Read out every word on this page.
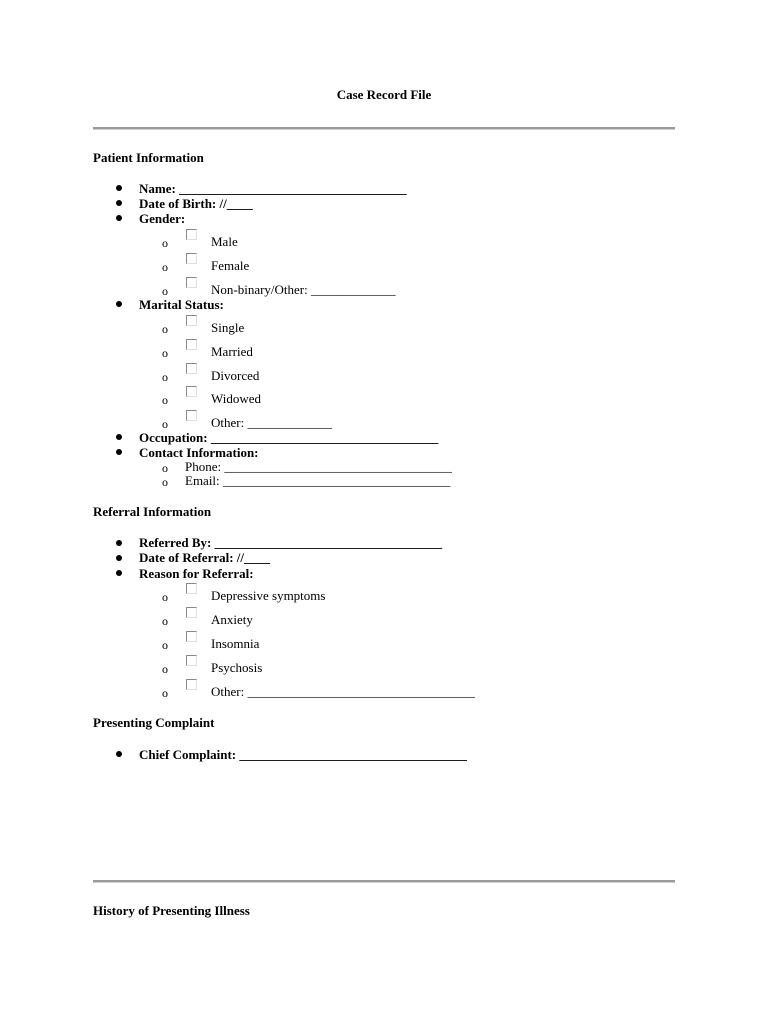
Case Record File
Patient Information
Name: ___________________________________
Date of Birth: //____
Gender:
o	Male
o	Female
o	Non-binary/Other: _____________
Marital Status:
o	Single
o	Married
o	Divorced
o	Widowed
o	Other: _____________
Occupation: ___________________________________
Contact Information:
o Phone: ___________________________________
o Email: ___________________________________
Referral Information
Referred By: ___________________________________
Date of Referral: //____
Reason for Referral:
o	Depressive symptoms
o	Anxiety
o	Insomnia
o	Psychosis
o	Other: ___________________________________
Presenting Complaint
Chief Complaint: ___________________________________
History of Presenting Illness
